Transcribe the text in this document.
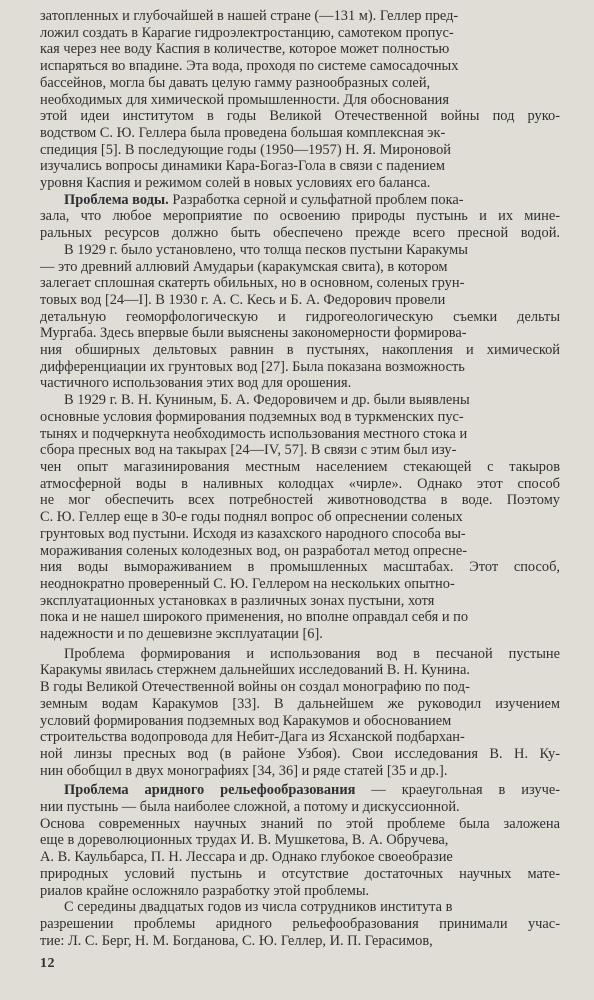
затопленных и глубочайшей в нашей стране (—131 м). Геллер пред-
ложил создать в Карагие гидроэлектростанцию, самотеком пропус-
кая через нее воду Каспия в количестве, которое может полностью
испаряться во впадине. Эта вода, проходя по системе самосадочных
бассейнов, могла бы давать целую гамму разнообразных солей,
необходимых для химической промышленности. Для обоснования
этой идеи институтом в годы Великой Отечественной войны под руко-
водством С. Ю. Геллера была проведена большая комплексная эк-
спедиция [5]. В последующие годы (1950—1957) Н. Я. Мироновой
изучались вопросы динамики Кара-Богаз-Гола в связи с падением
уровня Каспия и режимом солей в новых условиях его баланса.
Проблема воды. Разработка серной и сульфатной проблем пока-
зала, что любое мероприятие по освоению природы пустынь и их мине-
ральных ресурсов должно быть обеспечено прежде всего пресной водой.
В 1929 г. было установлено, что толща песков пустыни Каракумы
— это древний аллювий Амударьи (каракумская свита), в котором
залегает сплошная скатерть обильных, но в основном, соленых грун-
товых вод [24—I]. В 1930 г. А. С. Кесь и Б. А. Федорович провели
детальную геоморфологическую и гидрогеологическую съемки дельты
Мургаба. Здесь впервые были выяснены закономерности формирова-
ния обширных дельтовых равнин в пустынях, накопления и химической
дифференциации их грунтовых вод [27]. Была показана возможность
частичного использования этих вод для орошения.
В 1929 г. В. Н. Куниным, Б. А. Федоровичем и др. были выявлены
основные условия формирования подземных вод в туркменских пус-
тынях и подчеркнута необходимость использования местного стока и
сбора пресных вод на такырах [24—IV, 57]. В связи с этим был изу-
чен опыт магазинирования местным населением стекающей с такыров
атмосферной воды в наливных колодцах «чирле». Однако этот способ
не мог обеспечить всех потребностей животноводства в воде. Поэтому
С. Ю. Геллер еще в 30-е годы поднял вопрос об опреснении соленых
грунтовых вод пустыни. Исходя из казахского народного способа вы-
мораживания соленых колодезных вод, он разработал метод опресне-
ния воды вымораживанием в промышленных масштабах. Этот способ,
неоднократно проверенный С. Ю. Геллером на нескольких опытно-
эксплуатационных установках в различных зонах пустыни, хотя
пока и не нашел широкого применения, но вполне оправдал себя и по
надежности и по дешевизне эксплуатации [6].
Проблема формирования и использования вод в песчаной пустыне
Каракумы явилась стержнем дальнейших исследований В. Н. Кунина.
В годы Великой Отечественной войны он создал монографию по под-
земным водам Каракумов [33]. В дальнейшем же руководил изучением
условий формирования подземных вод Каракумов и обоснованием
строительства водопровода для Небит-Дага из Ясханской подбархан-
ной линзы пресных вод (в районе Узбоя). Свои исследования В. Н. Ку-
нин обобщил в двух монографиях [34, 36] и ряде статей [35 и др.].
Проблема аридного рельефообразования — краеугольная в изуче-
нии пустынь — была наиболее сложной, а потому и дискуссионной.
Основа современных научных знаний по этой проблеме была заложена
еще в дореволюционных трудах И. В. Мушкетова, В. А. Обручева,
А. В. Каульбарса, П. Н. Лессара и др. Однако глубокое своеобразие
природных условий пустынь и отсутствие достаточных научных мате-
риалов крайне осложняло разработку этой проблемы.
С середины двадцатых годов из числа сотрудников института в
разрешении проблемы аридного рельефообразования принимали учас-
тие: Л. С. Берг, Н. М. Богданова, С. Ю. Геллер, И. П. Герасимов,
12
